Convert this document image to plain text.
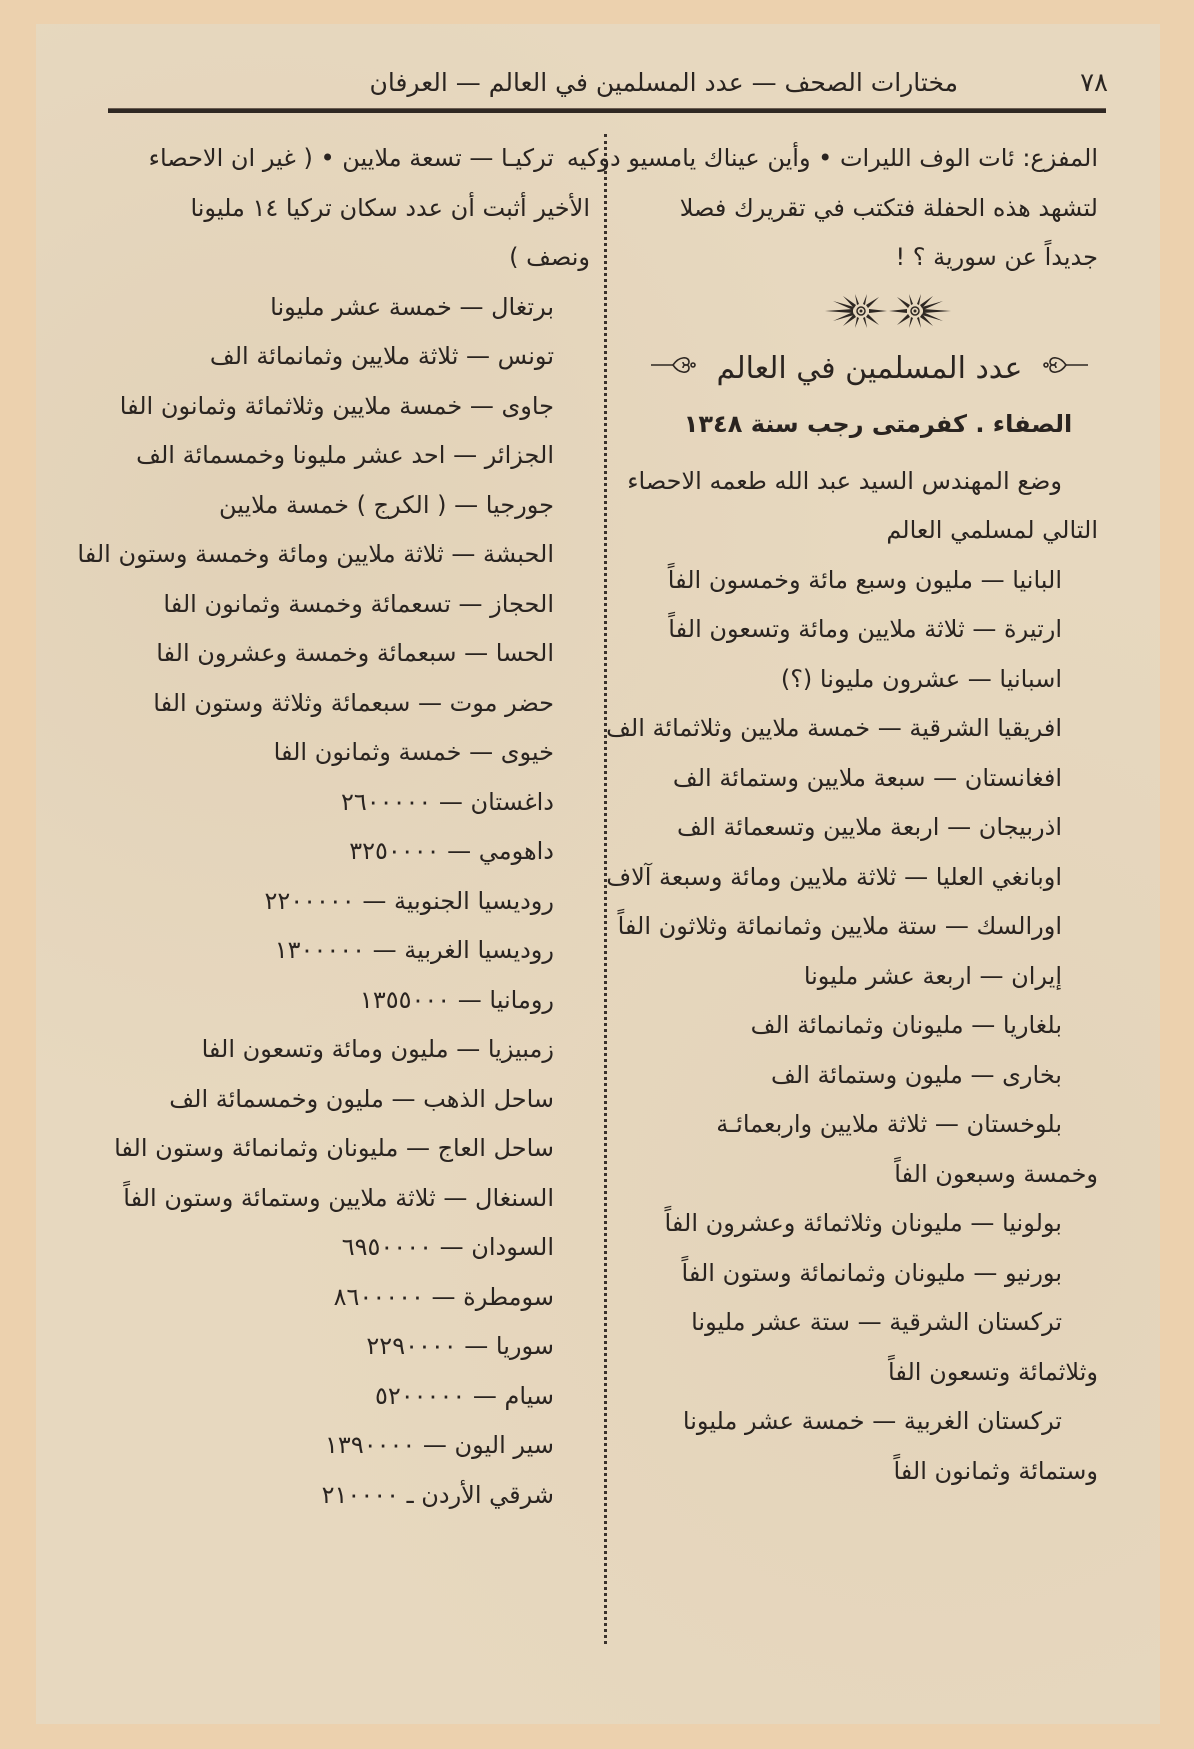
٧٨
مختارات الصحف — عدد المسلمين في العالم — العرفان
المفزع: ئات الوف الليرات • وأين عيناك يامسيو دوكيه
لتشهد هذه الحفلة فتكتب في تقريرك فصلا
جديداً عن سورية ؟ !
عدد المسلمين في العالم
الصفاء . كفرمتى رجب سنة ١٣٤٨
وضع المهندس السيد عبد الله طعمه الاحصاء
التالي لمسلمي العالم
البانيا — مليون وسبع مائة وخمسون الفاً
ارتيرة — ثلاثة ملايين ومائة وتسعون الفاً
اسبانيا — عشرون مليونا (؟)
افريقيا الشرقية — خمسة ملايين وثلاثمائة الف
افغانستان — سبعة ملايين وستمائة الف
اذربيجان — اربعة ملايين وتسعمائة الف
اوبانغي العليا — ثلاثة ملايين ومائة وسبعة آلاف
اورالسك — ستة ملايين وثمانمائة وثلاثون الفاً
إيران — اربعة عشر مليونا
بلغاريا — مليونان وثمانمائة الف
بخارى — مليون وستمائة الف
بلوخستان — ثلاثة ملايين واربعمائـة
وخمسة وسبعون الفاً
بولونيا — مليونان وثلاثمائة وعشرون الفاً
بورنيو — مليونان وثمانمائة وستون الفاً
تركستان الشرقية — ستة عشر مليونا
وثلاثمائة وتسعون الفاً
تركستان الغربية — خمسة عشر مليونا
وستمائة وثمانون الفاً
تركيـا — تسعة ملايين • ( غير ان الاحصاء
الأخير أثبت أن عدد سكان تركيا ١٤ مليونا
ونصف )
برتغال — خمسة عشر مليونا
تونس — ثلاثة ملايين وثمانمائة الف
جاوى — خمسة ملايين وثلاثمائة وثمانون الفا
الجزائر — احد عشر مليونا وخمسمائة الف
جورجيا — ( الكرج ) خمسة ملايين
الحبشة — ثلاثة ملايين ومائة وخمسة وستون الفا
الحجاز — تسعمائة وخمسة وثمانون الفا
الحسا — سبعمائة وخمسة وعشرون الفا
حضر موت — سبعمائة وثلاثة وستون الفا
خيوى — خمسة وثمانون الفا
داغستان — ٢٦٠٠٠٠٠
داهومي — ٣٢٥٠٠٠٠
روديسيا الجنوبية — ٢٢٠٠٠٠٠
روديسيا الغربية — ١٣٠٠٠٠٠
رومانيا — ١٣٥٥٠٠٠
زمبيزيا — مليون ومائة وتسعون الفا
ساحل الذهب — مليون وخمسمائة الف
ساحل العاج — مليونان وثمانمائة وستون الفا
السنغال — ثلاثة ملايين وستمائة وستون الفاً
السودان — ٦٩٥٠٠٠٠
سومطرة — ٨٦٠٠٠٠٠
سوريا — ٢٢٩٠٠٠٠
سيام — ٥٢٠٠٠٠٠
سير اليون — ١٣٩٠٠٠٠
شرقي الأردن ـ ٢١٠٠٠٠
